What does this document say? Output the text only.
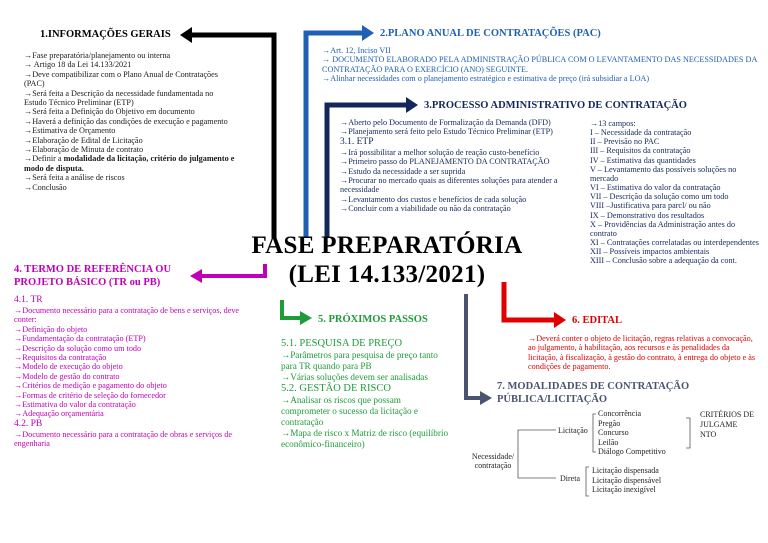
FASE PREPARATÓRIA
(LEI 14.133/2021)
1.INFORMAÇÕES GERAIS
→Fase preparatória/planejamento ou interna
→ Artigo 18 da Lei 14.133/2021
→Deve compatibilizar com o Plano Anual de Contratações (PAC)
→Será feita a Descrição da necessidade fundamentada no Estudo Técnico Preliminar (ETP)
→Será feita a Definição do Objetivo em documento
→Haverá a definição das condições de execução e pagamento
→Estimativa de Orçamento
→Elaboração de Edital de Licitação
→Elaboração de Minuta de contrato
→Definir a modalidade da licitação, critério do julgamento e modo de disputa.
→Será feita a análise de riscos
→Conclusão
2.PLANO ANUAL DE CONTRATAÇÕES (PAC)
→Art. 12, Inciso VII
→ DOCUMENTO ELABORADO PELA ADMINISTRAÇÃO PÚBLICA COM O LEVANTAMENTO DAS NECESSIDADES DA CONTRATAÇÃO PARA O EXERCÍCIO (ANO) SEGUINTE.
→Alinhar necessidades com o planejamento estratégico e estimativa de preço (irá subsidiar a LOA)
3.PROCESSO ADMINISTRATIVO DE CONTRATAÇÃO
→Aberto pelo Documento de Formalização da Demanda (DFD)
→Planejamento será feito pelo Estudo Técnico Preliminar (ETP)
3.1. ETP
→Irá possibilitar a melhor solução de reação custo-benefício
→Primeiro passo do PLANEJAMENTO DA CONTRATAÇÃO
→Estudo da necessidade a ser suprida
→Procurar no mercado quais as diferentes soluções para atender a necessidade
→Levantamento dos custos e benefícios de cada solução
→Concluir com a viabilidade ou não da contratação
→13 campos:
I – Necessidade da contratação
II – Previsão no PAC
III – Requisitos da contratação
IV – Estimativa das quantidades
V – Levantamento das possíveis soluções no mercado
VI – Estimativa do valor da contratação
VII – Descrição da solução como um todo
VIII –Justificativa para parcl/ ou não
IX – Demonstrativo dos resultados
X – Providências da Administração antes do contrato
XI – Contratações correlatadas ou interdependentes
XII – Possíveis impactos ambientais
XIII – Conclusão sobre a adequação da cont.
4. TERMO DE REFERÊNCIA OU
PROJETO BÁSICO (TR ou PB)
4.1. TR
→Documento necessário para a contratação de bens e serviços, deve conter:
→Definição do objeto
→Fundamentação da contratação (ETP)
→Descrição da solução como um todo
→Requisitos da contratação
→Modelo de execução do objeto
→Modelo de gestão do contrato
→Critérios de medição e pagamento do objeto
→Formas de critério de seleção do fornecedor
→Estimativa do valor da contratação
→Adequação orçamentária
4.2. PB
→Documento necessário para a contratação de obras e serviços de engenharia
5. PRÓXIMOS PASSOS
5.1. PESQUISA DE PREÇO
→Parâmetros para pesquisa de preço tanto para TR quando para PB
→Várias soluções devem ser analisadas
5.2. GESTÃO DE RISCO
→Analisar os riscos que possam comprometer o sucesso da licitação e contratação
→Mapa de risco x Matriz de risco (equilíbrio econômico-financeiro)
6. EDITAL
→Deverá conter o objeto de licitação, regras relativas a convocação, ao julgamento, à habilitação, aos recursos e às penalidades da licitação, à fiscalização, à gestão do contrato, à entrega do objeto e às condições de pagamento.
7. MODALIDADES DE CONTRATAÇÃO
PÚBLICA/LICITAÇÃO
Necessidade/ contratação
Licitação
Concorrência
Pregão
Concurso
Leilão
Diálogo Competitivo
CRITÉRIOS DE JULGAME NTO
Direta
Licitação dispensada
Licitação dispensável
Licitação inexigível
